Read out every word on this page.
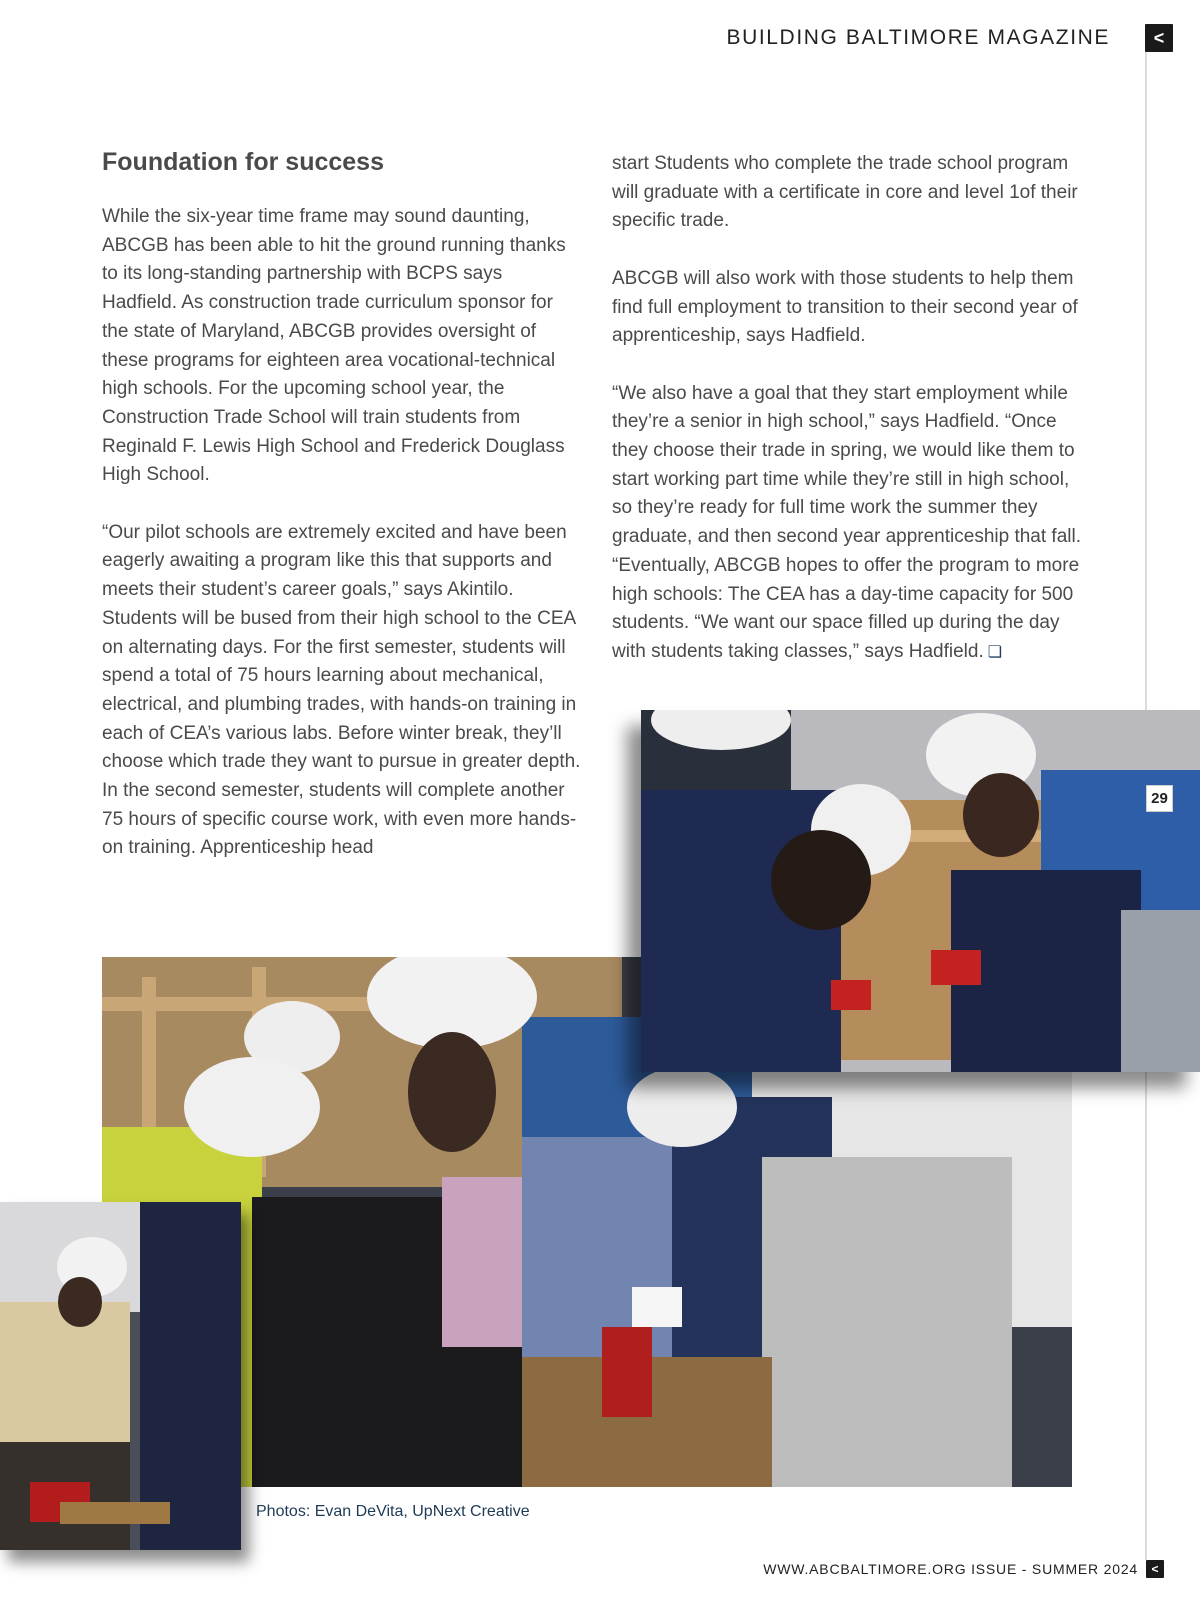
BUILDING BALTIMORE MAGAZINE	<
Foundation for success

While the six-year time frame may sound daunting, ABCGB has been able to hit the ground running thanks to its long-standing partnership with BCPS says Hadfield. As construction trade curriculum sponsor for the state of Maryland, ABCGB provides oversight of these programs for eighteen area vocational-technical high schools. For the upcoming school year, the Construction Trade School will train students from Reginald F. Lewis High School and Frederick Douglass High School.

“Our pilot schools are extremely excited and have been eagerly awaiting a program like this that supports and meets their student’s career goals,” says Akintilo. Students will be bused from their high school to the CEA on alternating days. For the first semester, students will spend a total of 75 hours learning about mechanical, electrical, and plumbing trades, with hands-on training in each of CEA’s various labs. Before winter break, they’ll choose which trade they want to pursue in greater depth. In the second semester, students will complete another 75 hours of specific course work, with even more hands-on training. Apprenticeship head

start Students who complete the trade school program will graduate with a certificate in core and level 1of their specific trade.

ABCGB will also work with those students to help them find full employment to transition to their second year of apprenticeship, says Hadfield.

“We also have a goal that they start employment while they’re a senior in high school,” says Hadfield. “Once they choose their trade in spring, we would like them to start working part time while they’re still in high school, so they’re ready for full time work the summer they graduate, and then second year apprenticeship that fall. “Eventually, ABCGB hopes to offer the program to more high schools: The CEA has a day-time capacity for 500 students. “We want our space filled up during the day with students taking classes,” says Hadfield. ❏

29
Photos: Evan DeVita, UpNext Creative
WWW.ABCBALTIMORE.ORG ISSUE - SUMMER 2024	<
